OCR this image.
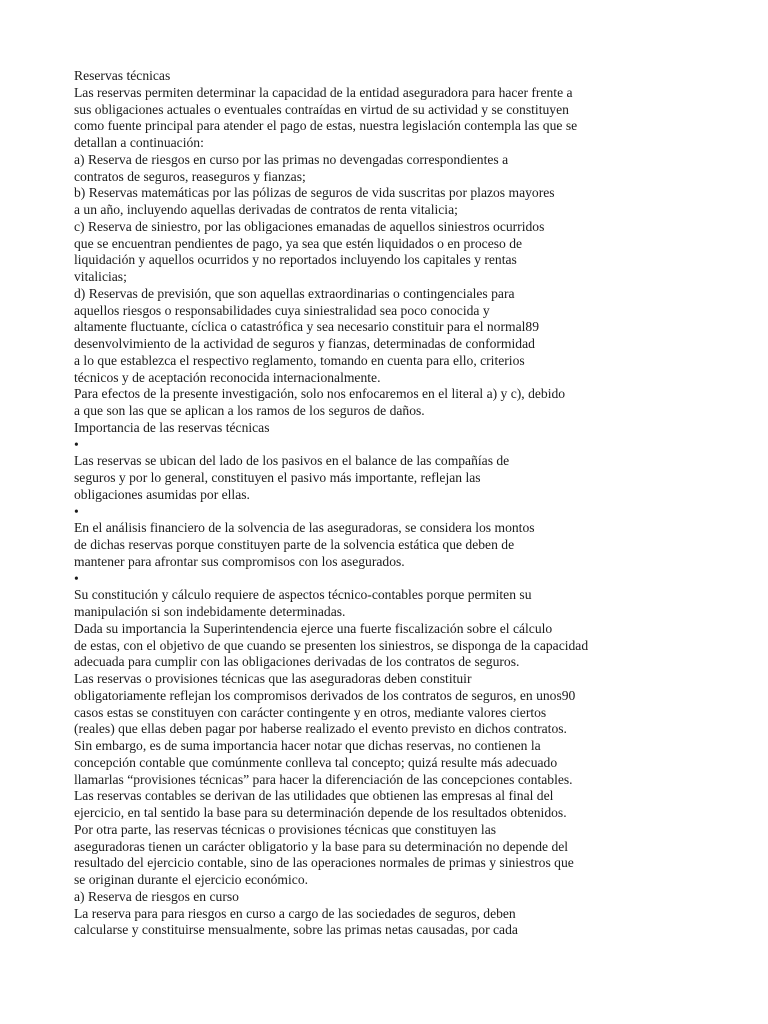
Reservas técnicas
Las reservas permiten determinar la capacidad de la entidad aseguradora para hacer frente a
sus obligaciones actuales o eventuales contraídas en virtud de su actividad y se constituyen
como fuente principal para atender el pago de estas, nuestra legislación contempla las que se
detallan a continuación:
a) Reserva de riesgos en curso por las primas no devengadas correspondientes a
contratos de seguros, reaseguros y fianzas;
b) Reservas matemáticas por las pólizas de seguros de vida suscritas por plazos mayores
a un año, incluyendo aquellas derivadas de contratos de renta vitalicia;
c) Reserva de siniestro, por las obligaciones emanadas de aquellos siniestros ocurridos
que se encuentran pendientes de pago, ya sea que estén liquidados o en proceso de
liquidación y aquellos ocurridos y no reportados incluyendo los capitales y rentas
vitalicias;
d) Reservas de previsión, que son aquellas extraordinarias o contingenciales para
aquellos riesgos o responsabilidades cuya siniestralidad sea poco conocida y
altamente fluctuante, cíclica o catastrófica y sea necesario constituir para el normal89
desenvolvimiento de la actividad de seguros y fianzas, determinadas de conformidad
a lo que establezca el respectivo reglamento, tomando en cuenta para ello, criterios
técnicos y de aceptación reconocida internacionalmente.
Para efectos de la presente investigación, solo nos enfocaremos en el literal a) y c), debido
a que son las que se aplican a los ramos de los seguros de daños.
Importancia de las reservas técnicas
•
Las reservas se ubican del lado de los pasivos en el balance de las compañías de
seguros y por lo general, constituyen el pasivo más importante, reflejan las
obligaciones asumidas por ellas.
•
En el análisis financiero de la solvencia de las aseguradoras, se considera los montos
de dichas reservas porque constituyen parte de la solvencia estática que deben de
mantener para afrontar sus compromisos con los asegurados.
•
Su constitución y cálculo requiere de aspectos técnico-contables porque permiten su
manipulación si son indebidamente determinadas.
Dada su importancia la Superintendencia ejerce una fuerte fiscalización sobre el cálculo
de estas, con el objetivo de que cuando se presenten los siniestros, se disponga de la capacidad
adecuada para cumplir con las obligaciones derivadas de los contratos de seguros.
Las reservas o provisiones técnicas que las aseguradoras deben constituir
obligatoriamente reflejan los compromisos derivados de los contratos de seguros, en unos90
casos estas se constituyen con carácter contingente y en otros, mediante valores ciertos
(reales) que ellas deben pagar por haberse realizado el evento previsto en dichos contratos.
Sin embargo, es de suma importancia hacer notar que dichas reservas, no contienen la
concepción contable que comúnmente conlleva tal concepto; quizá resulte más adecuado
llamarlas “provisiones técnicas” para hacer la diferenciación de las concepciones contables.
Las reservas contables se derivan de las utilidades que obtienen las empresas al final del
ejercicio, en tal sentido la base para su determinación depende de los resultados obtenidos.
Por otra parte, las reservas técnicas o provisiones técnicas que constituyen las
aseguradoras tienen un carácter obligatorio y la base para su determinación no depende del
resultado del ejercicio contable, sino de las operaciones normales de primas y siniestros que
se originan durante el ejercicio económico.
a) Reserva de riesgos en curso
La reserva para para riesgos en curso a cargo de las sociedades de seguros, deben
calcularse y constituirse mensualmente, sobre las primas netas causadas, por cada
